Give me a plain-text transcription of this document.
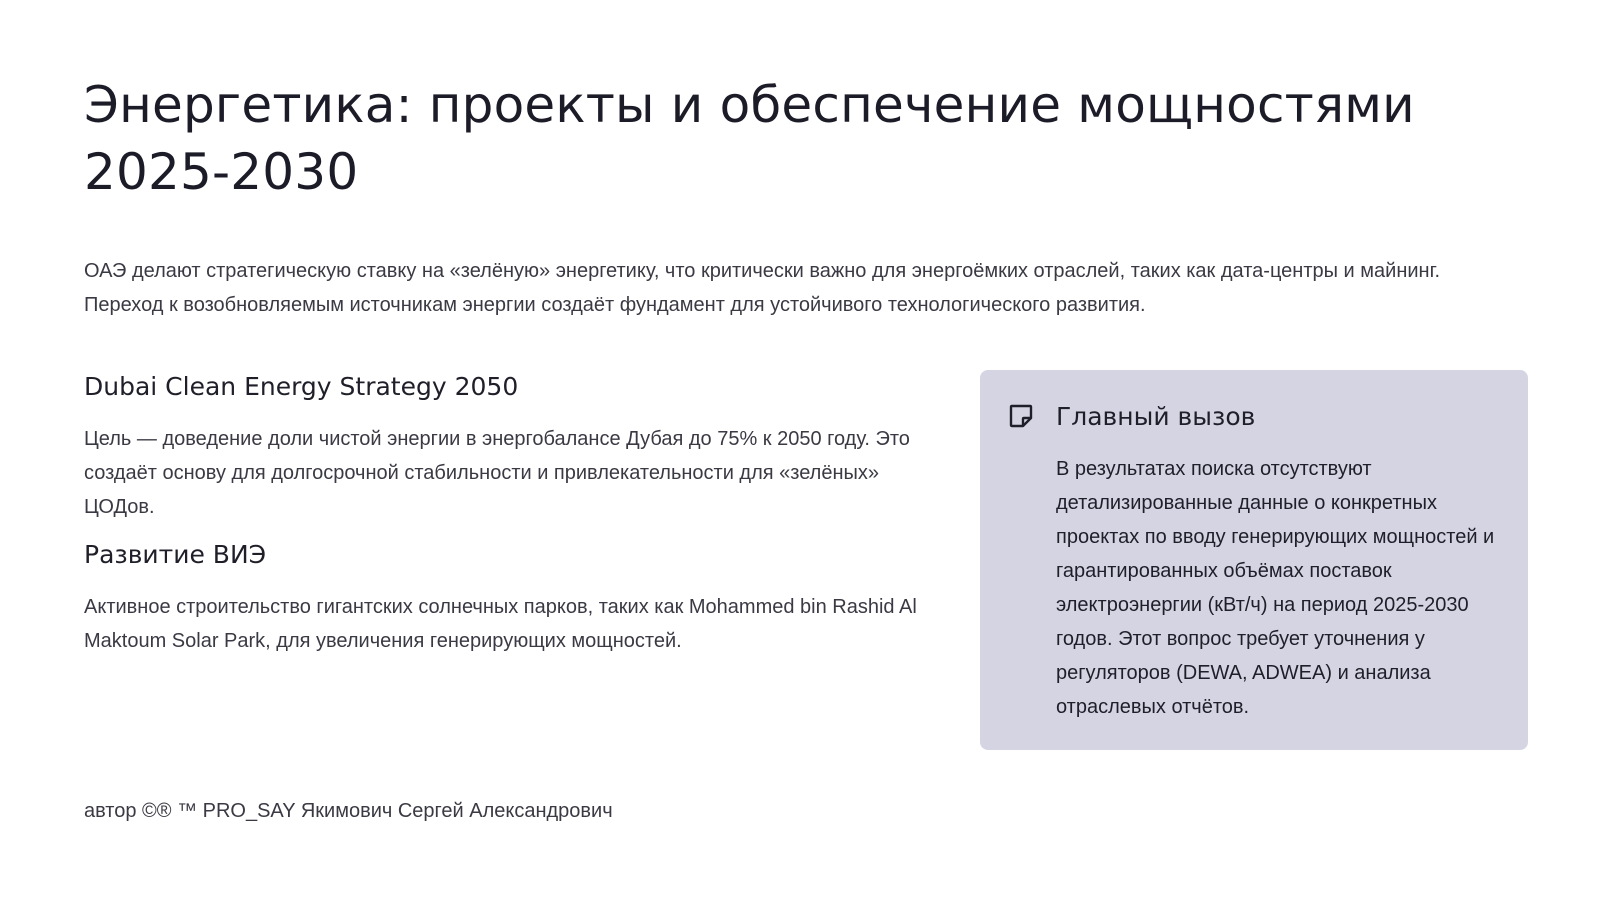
Энергетика: проекты и обеспечение мощностями 2025-2030

ОАЭ делают стратегическую ставку на «зелёную» энергетику, что критически важно для энергоёмких отраслей, таких как дата-центры и майнинг. Переход к возобновляемым источникам энергии создаёт фундамент для устойчивого технологического развития.

Dubai Clean Energy Strategy 2050

Цель — доведение доли чистой энергии в энергобалансе Дубая до 75% к 2050 году. Это создаёт основу для долгосрочной стабильности и привлекательности для «зелёных» ЦОДов.

Развитие ВИЭ

Активное строительство гигантских солнечных парков, таких как Mohammed bin Rashid Al Maktoum Solar Park, для увеличения генерирующих мощностей.

Главный вызов

В результатах поиска отсутствуют детализированные данные о конкретных проектах по вводу генерирующих мощностей и гарантированных объёмах поставок электроэнергии (кВт/ч) на период 2025-2030 годов. Этот вопрос требует уточнения у регуляторов (DEWA, ADWEA) и анализа отраслевых отчётов.

автор ©® ™ PRO_SAY Якимович Сергей Александрович
